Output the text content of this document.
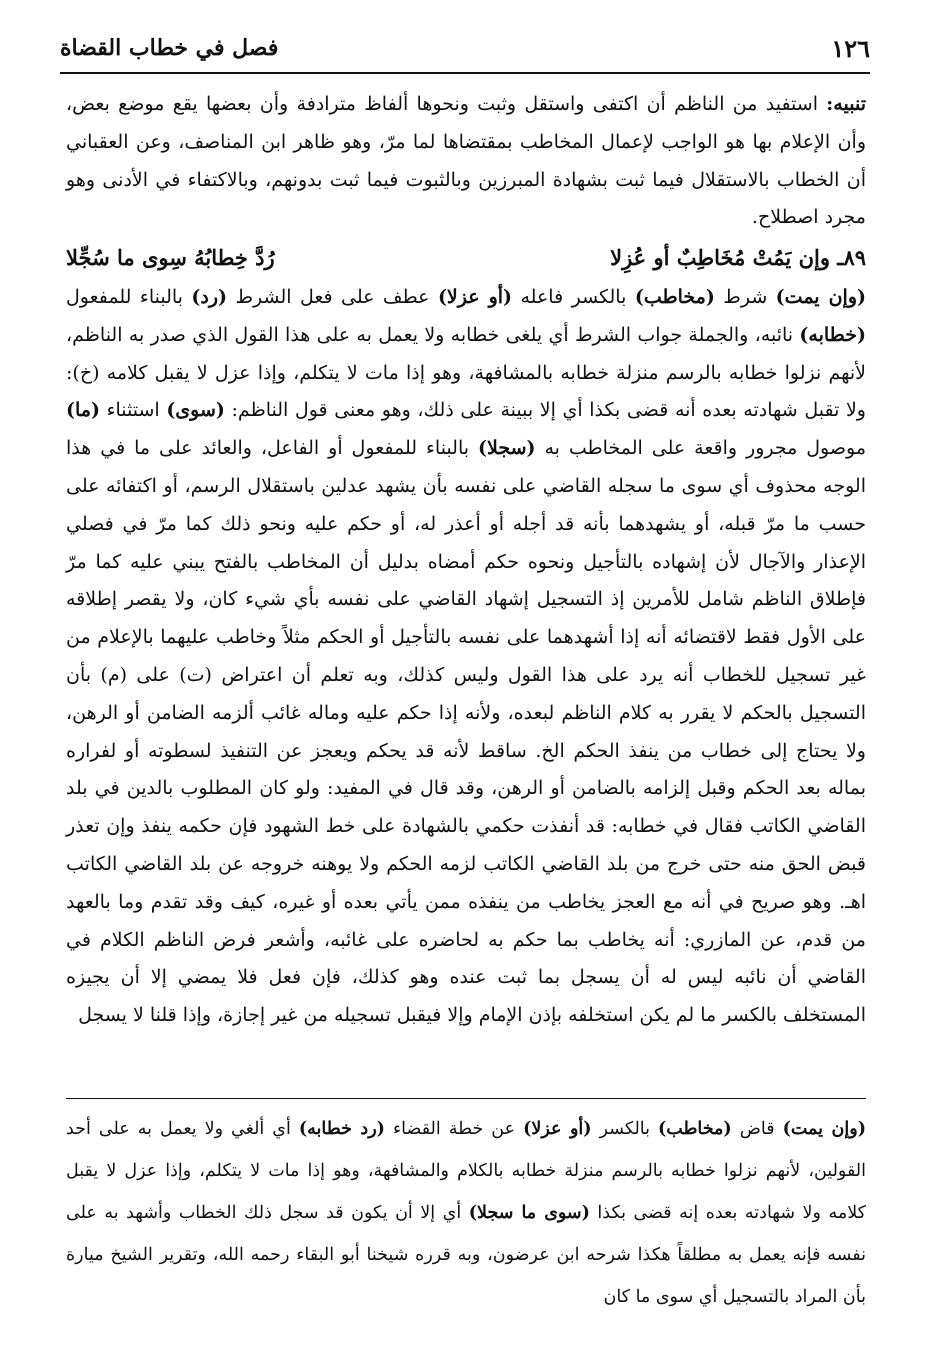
١٢٦
فصل في خطاب القضاة

تنبيه: استفيد من الناظم أن اكتفى واستقل وثبت ونحوها ألفاظ مترادفة وأن بعضها يقع موضع بعض، وأن الإعلام بها هو الواجب لإعمال المخاطب بمقتضاها لما مرّ، وهو ظاهر ابن المناصف، وعن العقباني أن الخطاب بالاستقلال فيما ثبت بشهادة المبرزين وبالثبوت فيما ثبت بدونهم، وبالاكتفاء في الأدنى وهو مجرد اصطلاح.

٨٩ـ وإن يَمُتْ مُخَاطِبٌ أو عُزِلا
رُدَّ خِطابُهُ سِوى ما سُجِّلا

(وإن يمت) شرط (مخاطب) بالكسر فاعله (أو عزلا) عطف على فعل الشرط (رد) بالبناء للمفعول (خطابه) نائبه، والجملة جواب الشرط أي يلغى خطابه ولا يعمل به على هذا القول الذي صدر به الناظم، لأنهم نزلوا خطابه بالرسم منزلة خطابه بالمشافهة، وهو إذا مات لا يتكلم، وإذا عزل لا يقبل كلامه (خ): ولا تقبل شهادته بعده أنه قضى بكذا أي إلا ببينة على ذلك، وهو معنى قول الناظم: (سوى) استثناء (ما) موصول مجرور واقعة على المخاطب به (سجلا) بالبناء للمفعول أو الفاعل، والعائد على ما في هذا الوجه محذوف أي سوى ما سجله القاضي على نفسه بأن يشهد عدلين باستقلال الرسم، أو اكتفائه على حسب ما مرّ قبله، أو يشهدهما بأنه قد أجله أو أعذر له، أو حكم عليه ونحو ذلك كما مرّ في فصلي الإعذار والآجال لأن إشهاده بالتأجيل ونحوه حكم أمضاه بدليل أن المخاطب بالفتح يبني عليه كما مرّ فإطلاق الناظم شامل للأمرين إذ التسجيل إشهاد القاضي على نفسه بأي شيء كان، ولا يقصر إطلاقه على الأول فقط لاقتضائه أنه إذا أشهدهما على نفسه بالتأجيل أو الحكم مثلاً وخاطب عليهما بالإعلام من غير تسجيل للخطاب أنه يرد على هذا القول وليس كذلك، وبه تعلم أن اعتراض (ت) على (م) بأن التسجيل بالحكم لا يقرر به كلام الناظم لبعده، ولأنه إذا حكم عليه وماله غائب ألزمه الضامن أو الرهن، ولا يحتاج إلى خطاب من ينفذ الحكم الخ. ساقط لأنه قد يحكم ويعجز عن التنفيذ لسطوته أو لفراره بماله بعد الحكم وقبل إلزامه بالضامن أو الرهن، وقد قال في المفيد: ولو كان المطلوب بالدين في بلد القاضي الكاتب فقال في خطابه: قد أنفذت حكمي بالشهادة على خط الشهود فإن حكمه ينفذ وإن تعذر قبض الحق منه حتى خرج من بلد القاضي الكاتب لزمه الحكم ولا يوهنه خروجه عن بلد القاضي الكاتب اهـ. وهو صريح في أنه مع العجز يخاطب من ينفذه ممن يأتي بعده أو غيره، كيف وقد تقدم وما بالعهد من قدم، عن المازري: أنه يخاطب بما حكم به لحاضره على غائبه، وأشعر فرض الناظم الكلام في القاضي أن نائبه ليس له أن يسجل بما ثبت عنده وهو كذلك، فإن فعل فلا يمضي إلا أن يجيزه المستخلف بالكسر ما لم يكن استخلفه بإذن الإمام وإلا فيقبل تسجيله من غير إجازة، وإذا قلنا لا يسجل

(وإن يمت) قاض (مخاطب) بالكسر (أو عزلا) عن خطة القضاء (رد خطابه) أي ألغي ولا يعمل به على أحد القولين، لأنهم نزلوا خطابه بالرسم منزلة خطابه بالكلام والمشافهة، وهو إذا مات لا يتكلم، وإذا عزل لا يقبل كلامه ولا شهادته بعده إنه قضى بكذا (سوى ما سجلا) أي إلا أن يكون قد سجل ذلك الخطاب وأشهد به على نفسه فإنه يعمل به مطلقاً هكذا شرحه ابن عرضون، وبه قرره شيخنا أبو البقاء رحمه الله، وتقرير الشيخ ميارة بأن المراد بالتسجيل أي سوى ما كان
